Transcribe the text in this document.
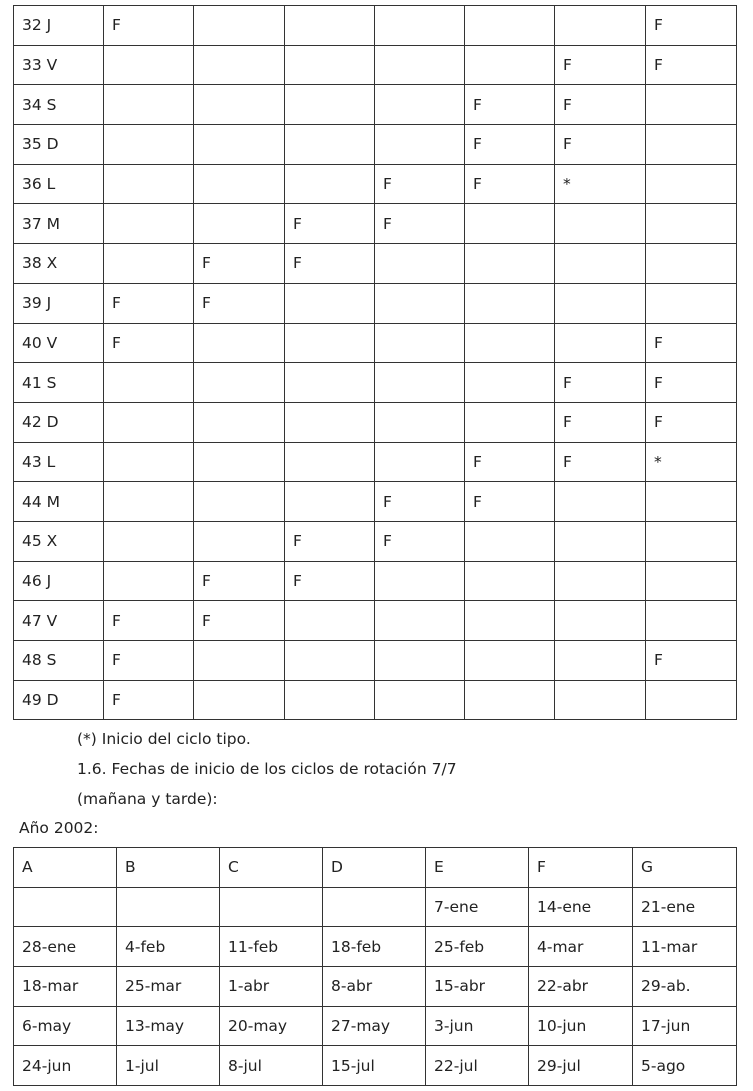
32 J	F						F
33 V						F	F
34 S					F	F	
35 D					F	F	
36 L				F	F	*	
37 M			F	F			
38 X		F	F				
39 J	F	F					
40 V	F						F
41 S						F	F
42 D						F	F
43 L					F	F	*
44 M				F	F		
45 X			F	F			
46 J		F	F				
47 V	F	F					
48 S	F						F
49 D	F						
(*) Inicio del ciclo tipo.
1.6. Fechas de inicio de los ciclos de rotación 7/7
(mañana y tarde):
Año 2002:
A	B	C	D	E	F	G
				7-ene	14-ene	21-ene
28-ene	4-feb	11-feb	18-feb	25-feb	4-mar	11-mar
18-mar	25-mar	1-abr	8-abr	15-abr	22-abr	29-ab.
6-may	13-may	20-may	27-may	3-jun	10-jun	17-jun
24-jun	1-jul	8-jul	15-jul	22-jul	29-jul	5-ago
